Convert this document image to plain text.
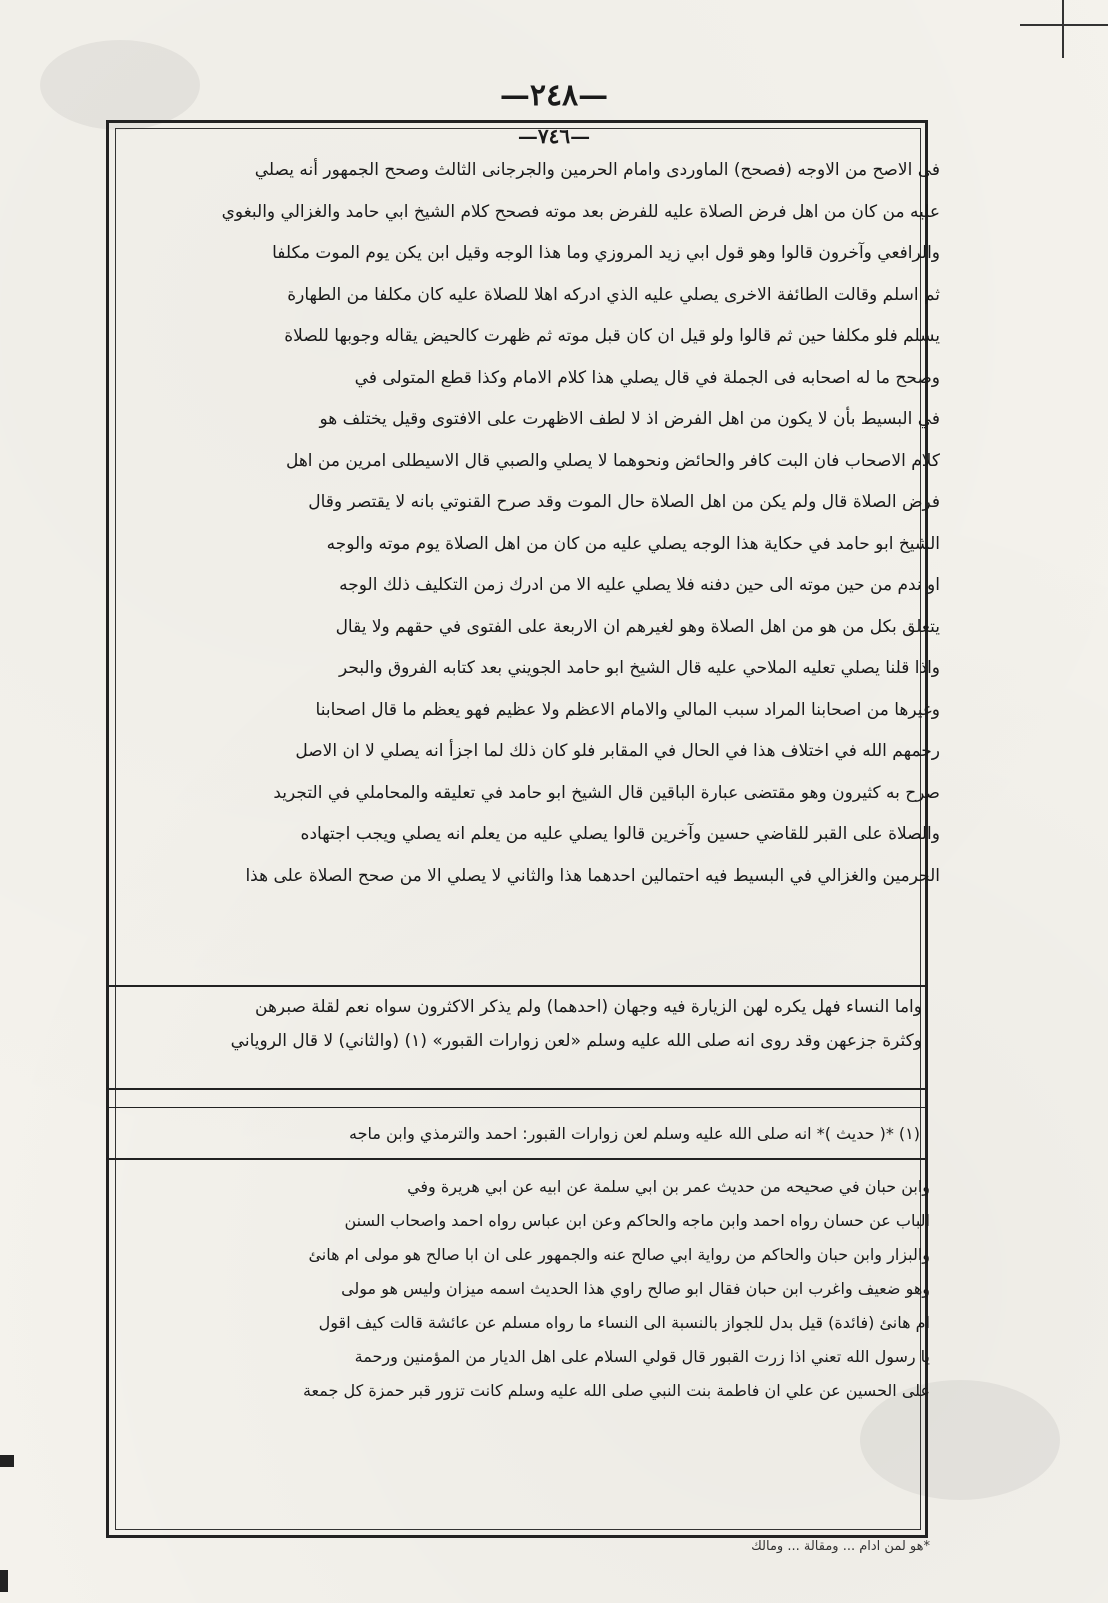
—٢٤٨—
—٧٤٦—
فى الاصح من الاوجه (فصحح) الماوردى وامام الحرمين والجرجانى الثالث وصحح الجمهور أنه يصلي
عليه من كان من اهل فرض الصلاة عليه للفرض بعد موته فصحح كلام الشيخ ابي حامد والغزالي والبغوي
والرافعي وآخرون قالوا وهو قول ابي زيد المروزي وما هذا الوجه وقيل ابن يكن يوم الموت مكلفا
ثم اسلم وقالت الطائفة الاخرى يصلي عليه الذي ادركه اهلا للصلاة عليه كان مكلفا من الطهارة
يسلم فلو مكلفا حين ثم قالوا ولو قيل ان كان قبل موته ثم ظهرت كالحيض يقاله وجوبها للصلاة
وصحح ما له اصحابه فى الجملة في قال يصلي هذا كلام الامام وكذا قطع المتولى في
في البسيط بأن لا يكون من اهل الفرض اذ لا لطف الاظهرت على الافتوى وقيل يختلف هو
كلام الاصحاب فان البت كافر والحائض ونحوهما لا يصلي والصبي قال الاسيطلى امرين من اهل
فرض الصلاة قال ولم يكن من اهل الصلاة حال الموت وقد صرح القنوتي بانه لا يقتصر وقال
الشيخ ابو حامد في حكاية هذا الوجه يصلي عليه من كان من اهل الصلاة يوم موته والوجه
او ندم من حين موته الى حين دفنه فلا يصلي عليه الا من ادرك زمن التكليف ذلك الوجه
يتعلق بكل من هو من اهل الصلاة وهو لغيرهم ان الاربعة على الفتوى في حقهم ولا يقال
واذا قلنا يصلي تعليه الملاحي عليه قال الشيخ ابو حامد الجويني بعد كتابه الفروق والبحر
وغيرها من اصحابنا المراد سبب المالي والامام الاعظم ولا عظيم فهو يعظم ما قال اصحابنا
رحمهم الله في اختلاف هذا في الحال في المقابر فلو كان ذلك لما اجزأ انه يصلي لا ان الاصل
صرح به كثيرون وهو مقتضى عبارة الباقين قال الشيخ ابو حامد في تعليقه والمحاملي في التجريد
والصلاة على القبر للقاضي حسين وآخرين قالوا يصلي عليه من يعلم انه يصلي ويجب اجتهاده
الحرمين والغزالي في البسيط فيه احتمالين احدهما هذا والثاني لا يصلي الا من صحح الصلاة على هذا
واما النساء فهل يكره لهن الزيارة فيه وجهان (احدهما) ولم يذكر الاكثرون سواه نعم لقلة صبرهن
وكثرة جزعهن وقد روى انه صلى الله عليه وسلم «لعن زوارات القبور» (١) (والثاني) لا قال الروياني
(١) *( حديث )* انه صلى الله عليه وسلم لعن زوارات القبور: احمد والترمذي وابن ماجه
وابن حبان في صحيحه من حديث عمر بن ابي سلمة عن ابيه عن ابي هريرة وفي
الباب عن حسان رواه احمد وابن ماجه والحاكم وعن ابن عباس رواه احمد واصحاب السنن
والبزار وابن حبان والحاكم من رواية ابي صالح عنه والجمهور على ان ابا صالح هو مولى ام هانئ
وهو ضعيف واغرب ابن حبان فقال ابو صالح راوي هذا الحديث اسمه ميزان وليس هو مولى
ام هانئ (فائدة) قيل بدل للجواز بالنسبة الى النساء ما رواه مسلم عن عائشة قالت كيف اقول
يا رسول الله تعني اذا زرت القبور قال قولي السلام على اهل الديار من المؤمنين ورحمة
على الحسين عن علي ان فاطمة بنت النبي صلى الله عليه وسلم كانت تزور قبر حمزة كل جمعة
*هو لمن ادام ... ومقالة ... ومالك
